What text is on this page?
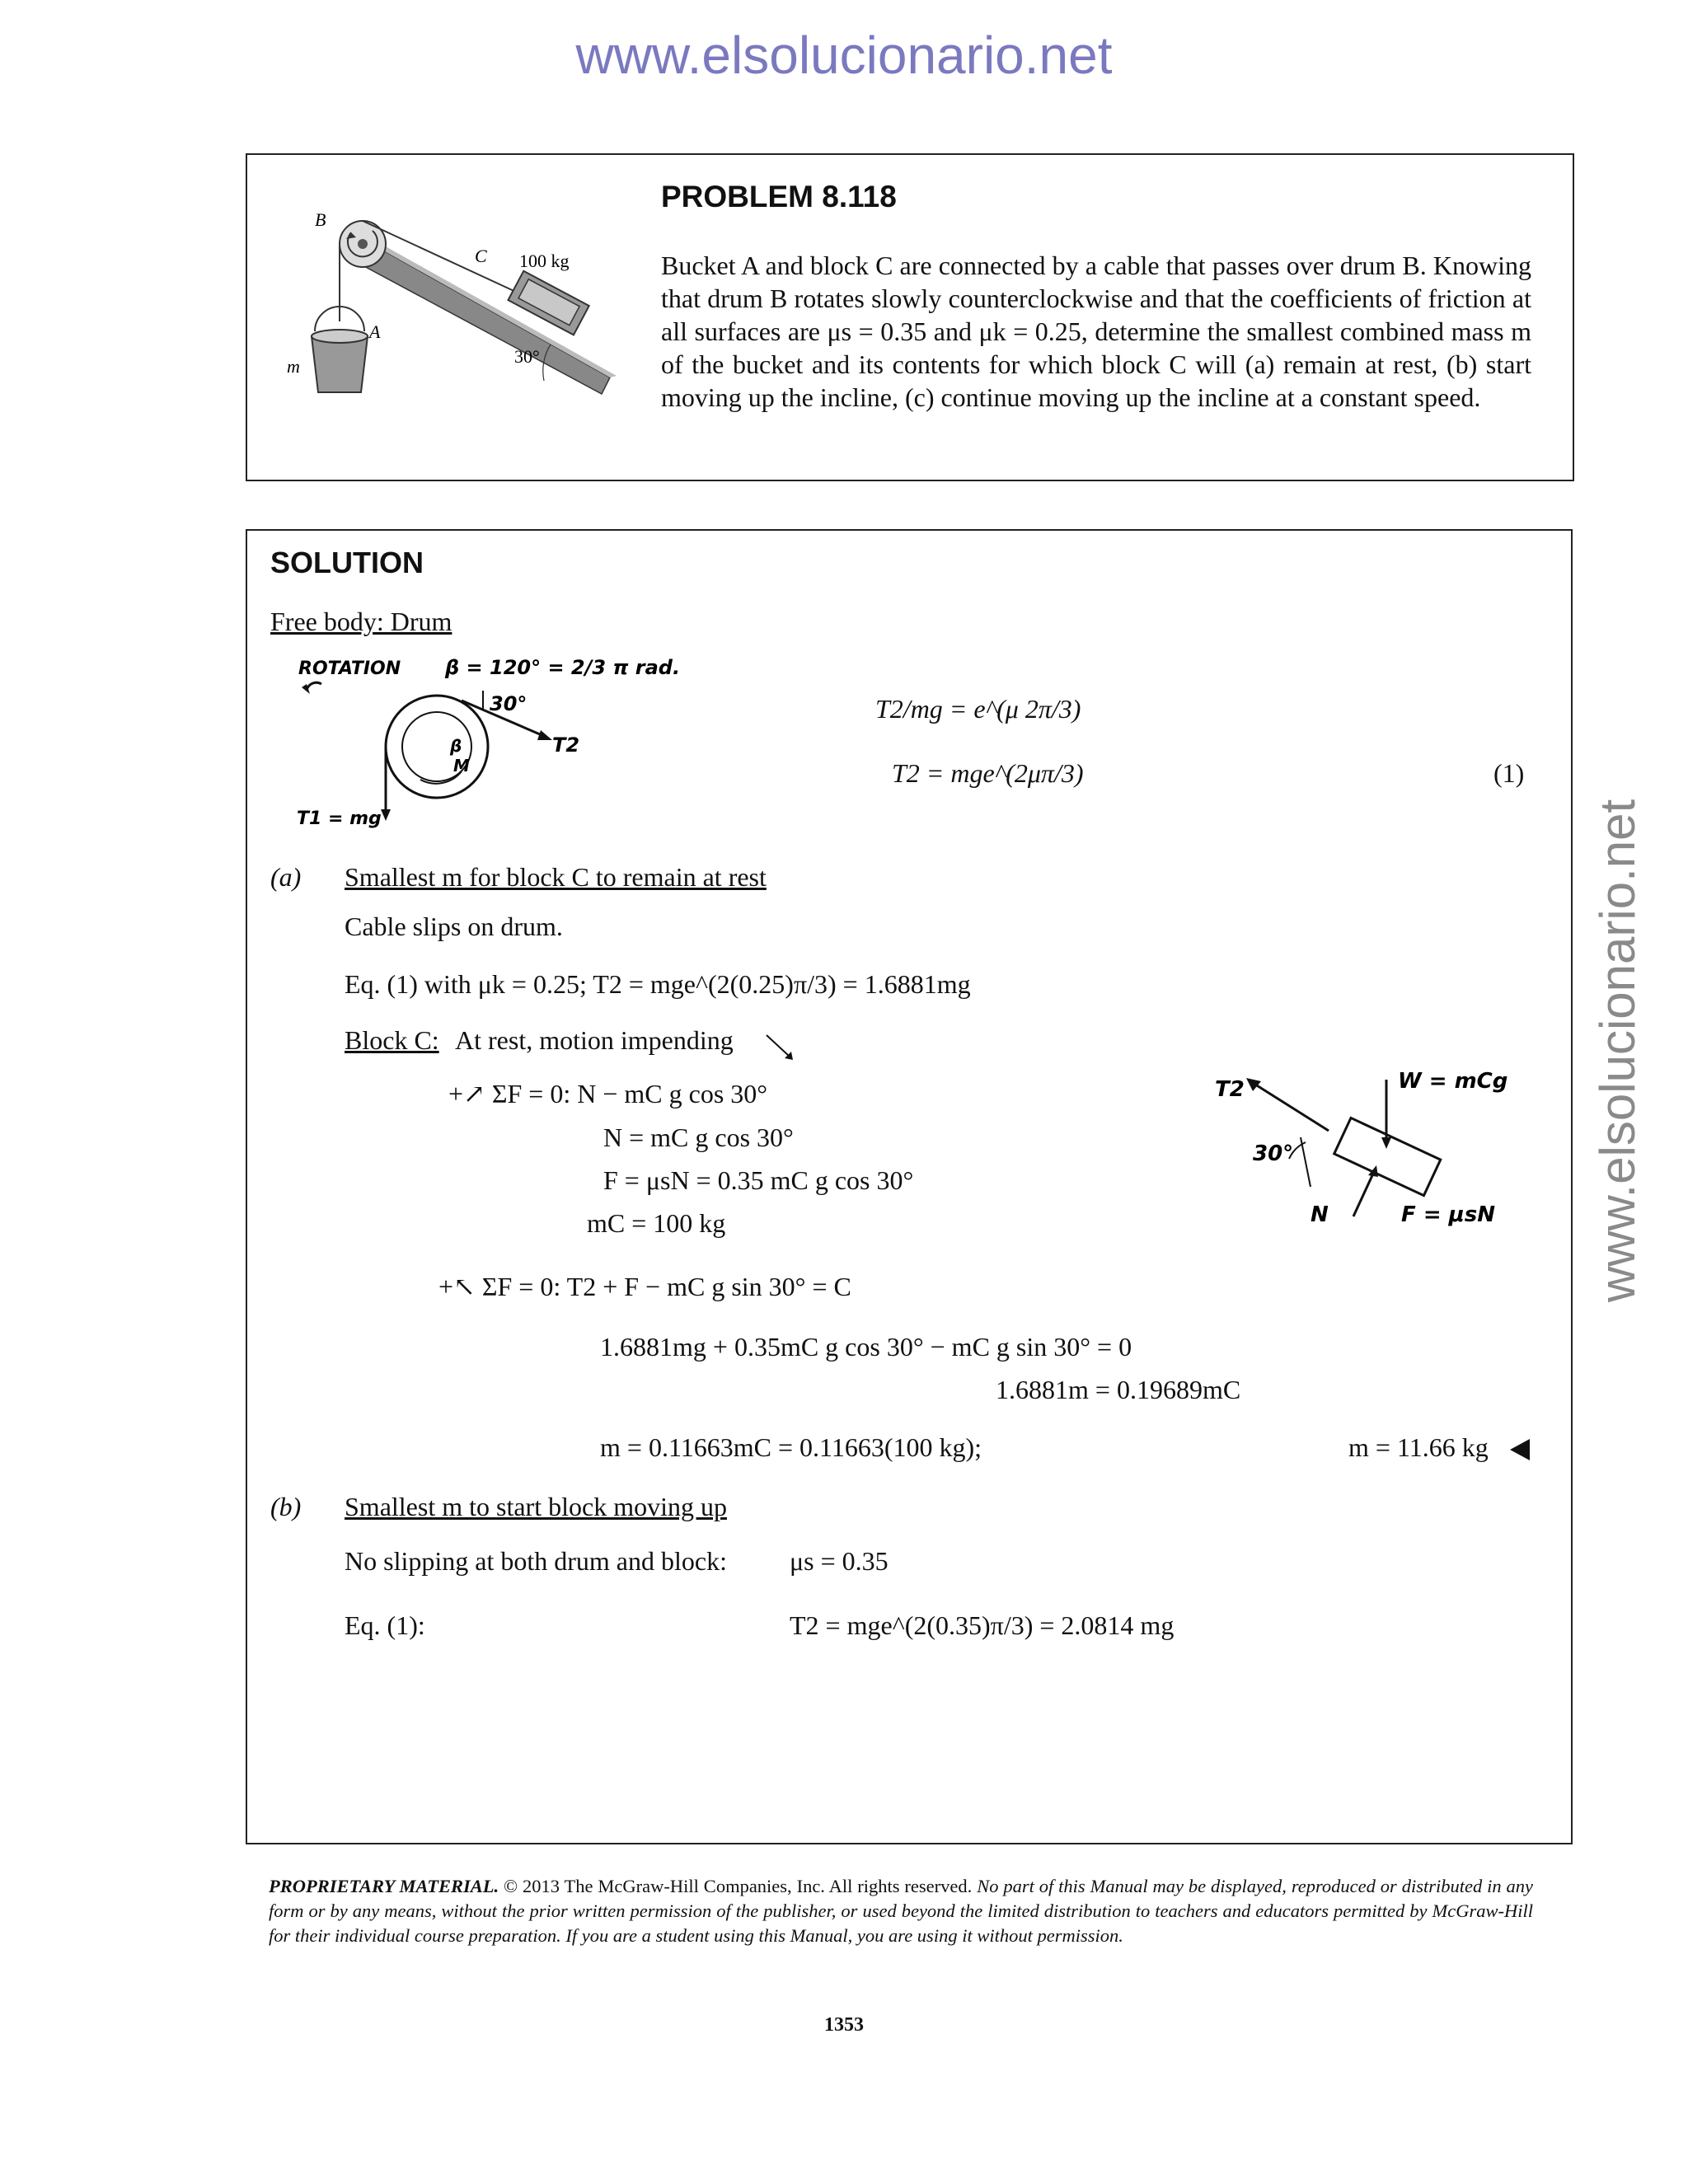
www.elsolucionario.net
www.elsolucionario.net
B
C 100 kg
A
m	30°
PROBLEM 8.118
Bucket A and block C are connected by a cable that passes over drum B. Knowing that drum B rotates slowly counterclockwise and that the coefficients of friction at all surfaces are μs = 0.35 and μk = 0.25, determine the smallest combined mass m of the bucket and its contents for which block C will (a) remain at rest, (b) start moving up the incline, (c) continue moving up the incline at a constant speed.
SOLUTION
Free body: Drum
ROTATION β = 120° = 2/3 π rad.
30°
T2
T1 = mg
β
M
T2/mg = e^(μ 2π/3)
T2 = mge^(2μπ/3)	(1)
(a) Smallest m for block C to remain at rest
Cable slips on drum.
Eq. (1) with μk = 0.25; T2 = mge^(2(0.25)π/3) = 1.6881mg
Block C: At rest, motion impending
+↗ ΣF = 0: N − mC g cos 30°
N = mC g cos 30°
F = μsN = 0.35 mC g cos 30°
mC = 100 kg
+↖ ΣF = 0: T2 + F − mC g sin 30° = C
1.6881mg + 0.35mC g cos 30° − mC g sin 30° = 0
1.6881m = 0.19689mC
m = 0.11663mC = 0.11663(100 kg);	m = 11.66 kg
T2	W = mCg
30°
N	F = μsN
(b) Smallest m to start block moving up
No slipping at both drum and block: μs = 0.35
Eq. (1):	T2 = mge^(2(0.35)π/3) = 2.0814 mg
PROPRIETARY MATERIAL. © 2013 The McGraw-Hill Companies, Inc. All rights reserved. No part of this Manual may be displayed, reproduced or distributed in any form or by any means, without the prior written permission of the publisher, or used beyond the limited distribution to teachers and educators permitted by McGraw-Hill for their individual course preparation. If you are a student using this Manual, you are using it without permission.
1353
